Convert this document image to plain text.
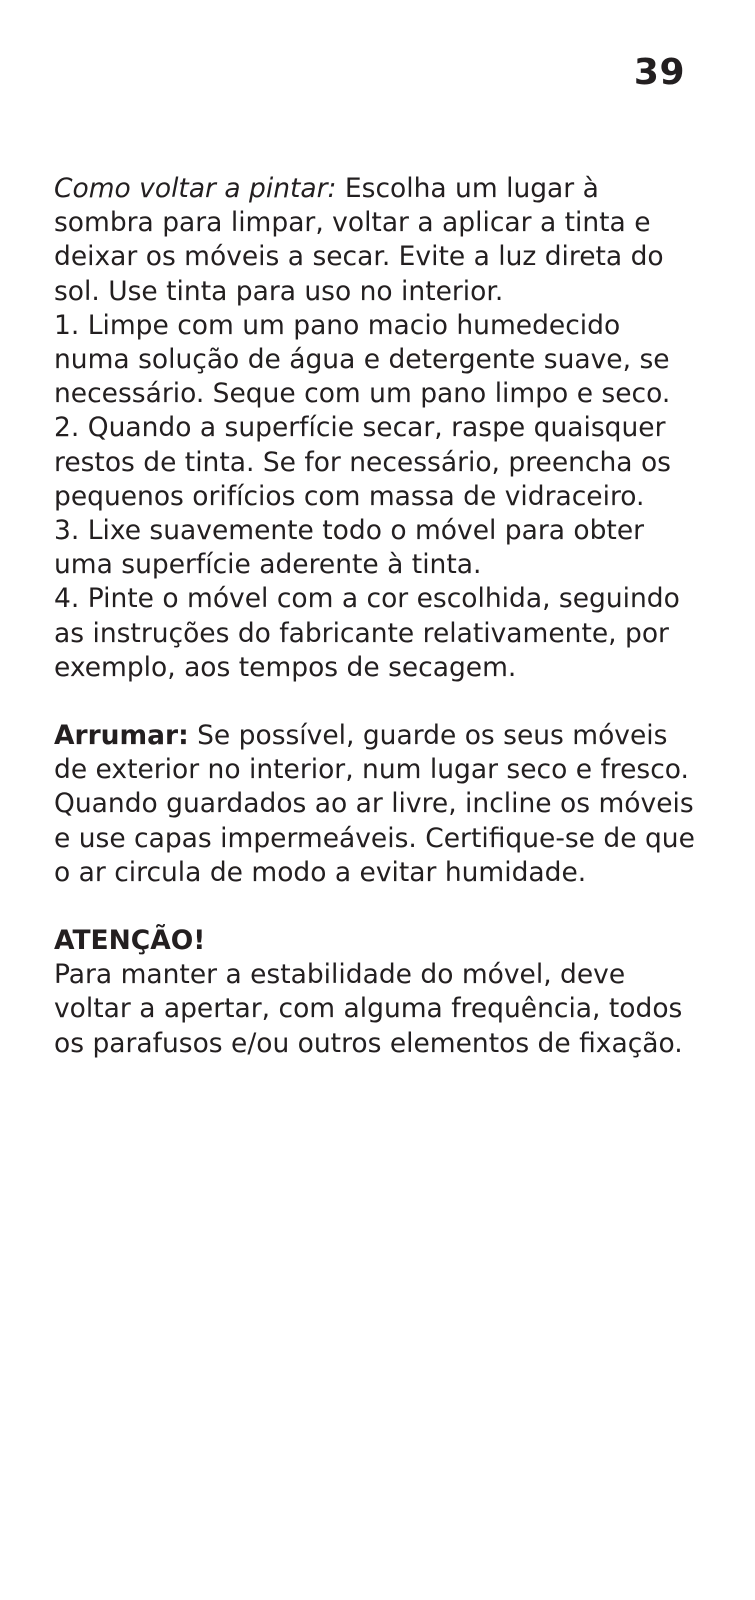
39

Como voltar a pintar: Escolha um lugar à sombra para limpar, voltar a aplicar a tinta e deixar os móveis a secar. Evite a luz direta do sol. Use tinta para uso no interior.

1. Limpe com um pano macio humedecido numa solução de água e detergente suave, se necessário. Seque com um pano limpo e seco.

2. Quando a superfície secar, raspe quaisquer restos de tinta. Se for necessário, preencha os pequenos orifícios com massa de vidraceiro.

3. Lixe suavemente todo o móvel para obter uma superfície aderente à tinta.

4. Pinte o móvel com a cor escolhida, seguindo as instruções do fabricante relativamente, por exemplo, aos tempos de secagem.

Arrumar: Se possível, guarde os seus móveis de exterior no interior, num lugar seco e fresco. Quando guardados ao ar livre, incline os móveis e use capas impermeáveis. Certifique-se de que o ar circula de modo a evitar humidade.

ATENÇÃO!

Para manter a estabilidade do móvel, deve voltar a apertar, com alguma frequência, todos os parafusos e/ou outros elementos de fixação.
